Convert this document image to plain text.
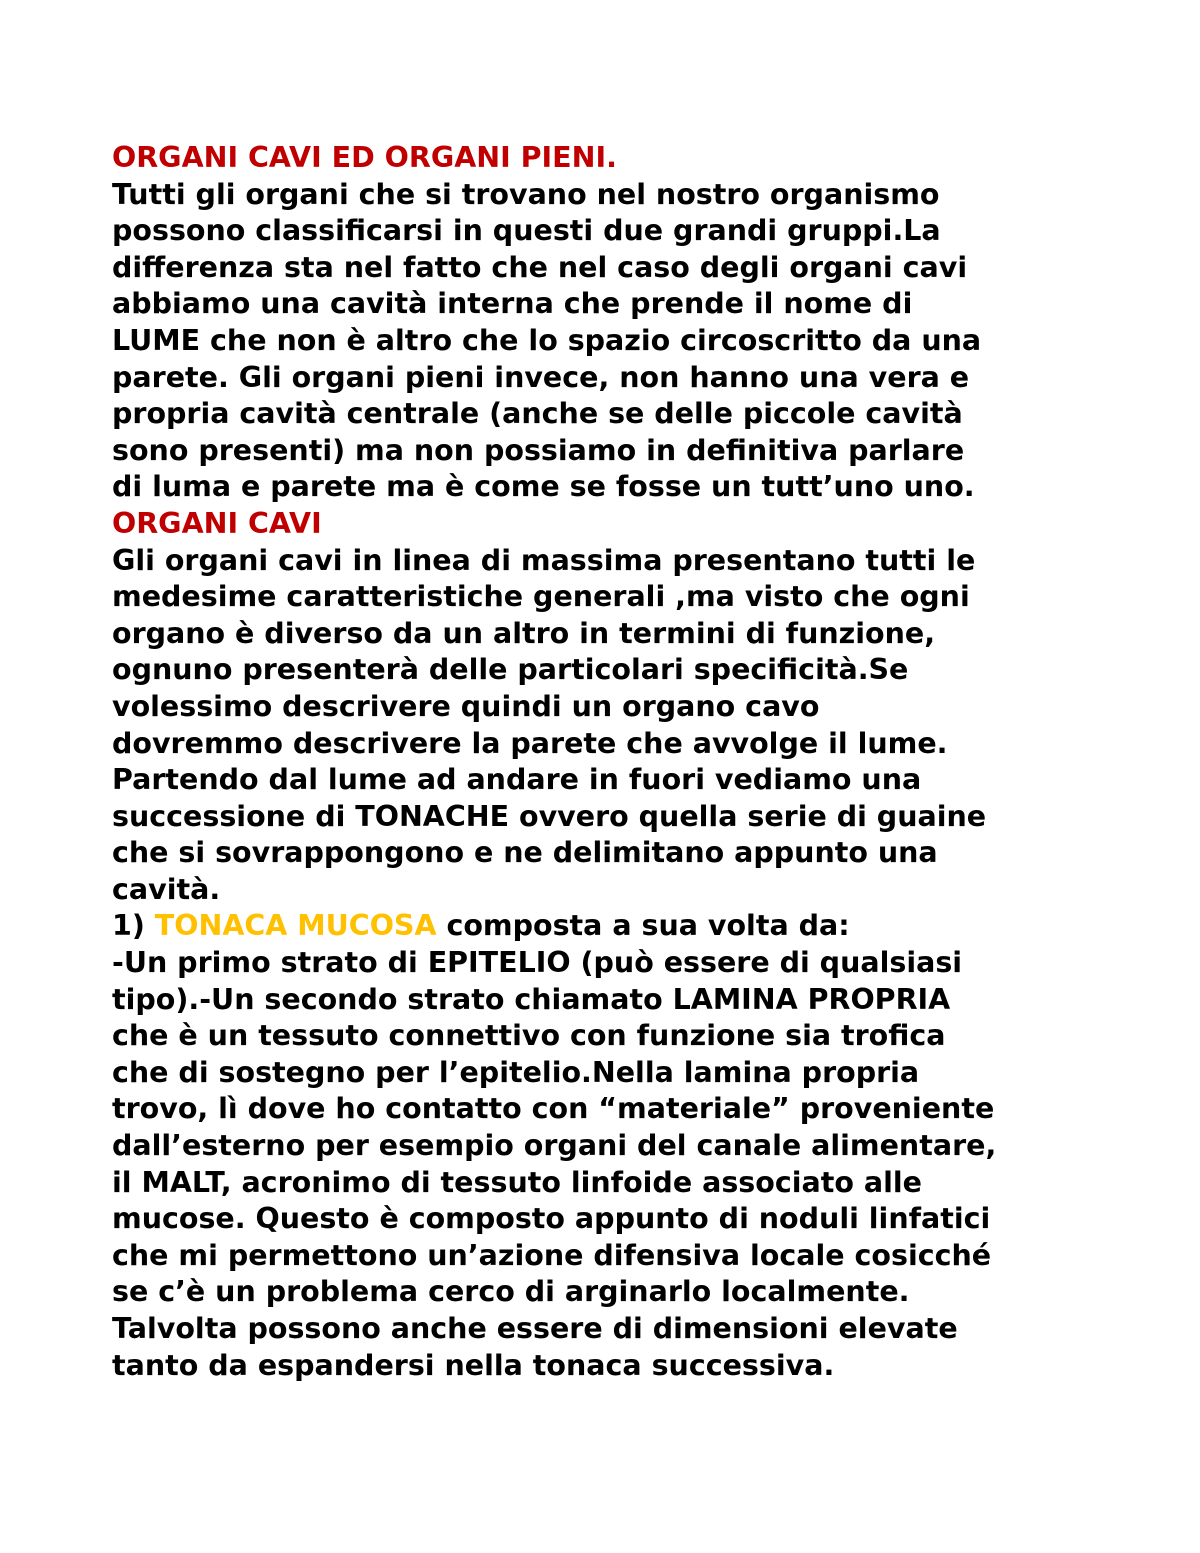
ORGANI CAVI ED ORGANI PIENI.
Tutti gli organi che si trovano nel nostro organismo
possono classificarsi in questi due grandi gruppi.La
differenza sta nel fatto che nel caso degli organi cavi
abbiamo una cavità interna che prende il nome di
LUME che non è altro che lo spazio circoscritto da una
parete. Gli organi pieni invece, non hanno una vera e
propria cavità centrale (anche se delle piccole cavità
sono presenti) ma non possiamo in definitiva parlare
di luma e parete ma è come se fosse un tutt’uno uno.
ORGANI CAVI
Gli organi cavi in linea di massima presentano tutti le
medesime caratteristiche generali ,ma visto che ogni
organo è diverso da un altro in termini di funzione,
ognuno presenterà delle particolari specificità.Se
volessimo descrivere quindi un organo cavo
dovremmo descrivere la parete che avvolge il lume.
Partendo dal lume ad andare in fuori vediamo una
successione di TONACHE ovvero quella serie di guaine
che si sovrappongono e ne delimitano appunto una
cavità.
1) TONACA MUCOSA composta a sua volta da:
-Un primo strato di EPITELIO (può essere di qualsiasi
tipo).-Un secondo strato chiamato LAMINA PROPRIA
che è un tessuto connettivo con funzione sia trofica
che di sostegno per l’epitelio.Nella lamina propria
trovo, lì dove ho contatto con “materiale” proveniente
dall’esterno per esempio organi del canale alimentare,
il MALT, acronimo di tessuto linfoide associato alle
mucose. Questo è composto appunto di noduli linfatici
che mi permettono un’azione difensiva locale cosicché
se c’è un problema cerco di arginarlo localmente.
Talvolta possono anche essere di dimensioni elevate
tanto da espandersi nella tonaca successiva.
